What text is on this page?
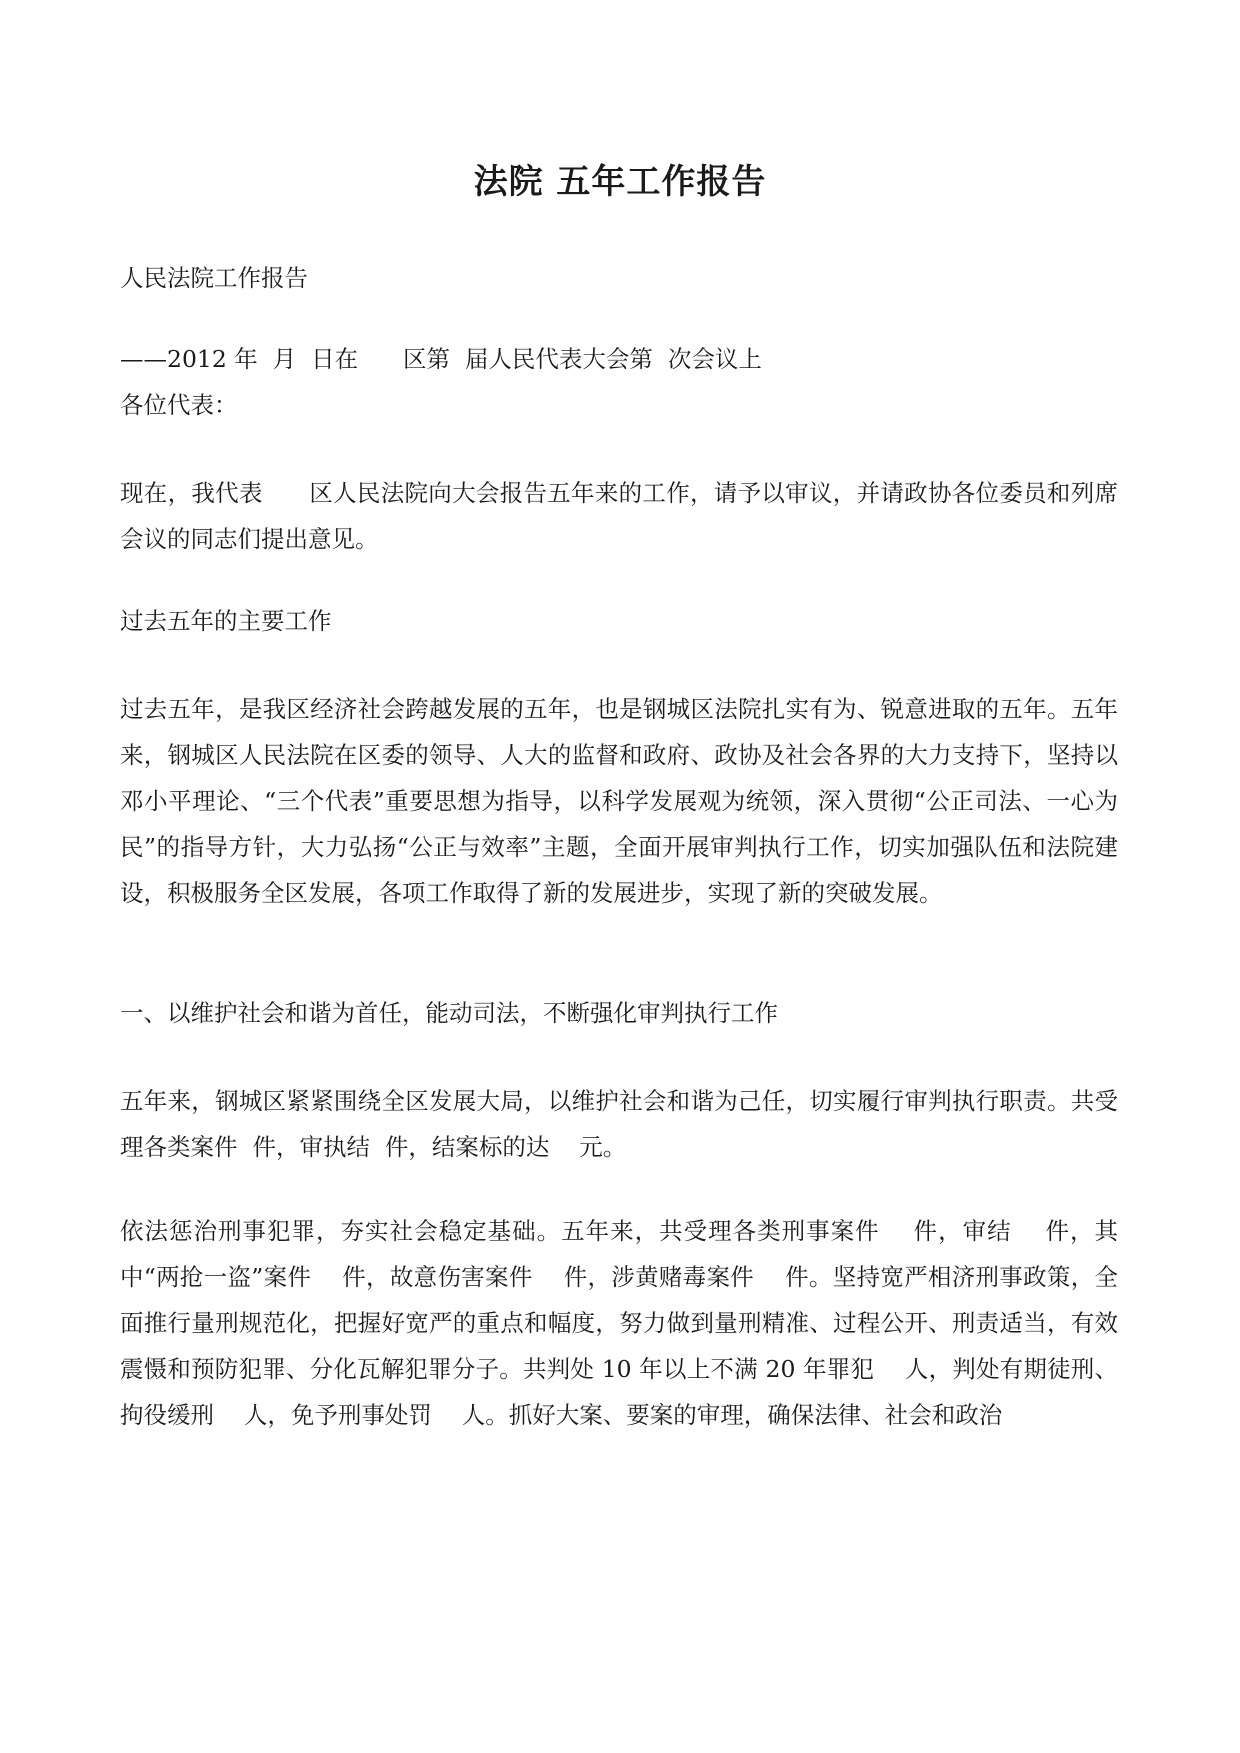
法院 五年工作报告

人民法院工作报告

——2012 年  月  日在      区第  届人民代表大会第  次会议上

各位代表：

现在，我代表      区人民法院向大会报告五年来的工作，请予以审议，并请政协各位委员和列席会议的同志们提出意见。

过去五年的主要工作

过去五年，是我区经济社会跨越发展的五年，也是钢城区法院扎实有为、锐意进取的五年。五年来，钢城区人民法院在区委的领导、人大的监督和政府、政协及社会各界的大力支持下，坚持以邓小平理论、“三个代表”重要思想为指导，以科学发展观为统领，深入贯彻“公正司法、一心为民”的指导方针，大力弘扬“公正与效率”主题，全面开展审判执行工作，切实加强队伍和法院建设，积极服务全区发展，各项工作取得了新的发展进步，实现了新的突破发展。

一、以维护社会和谐为首任，能动司法，不断强化审判执行工作

五年来，钢城区紧紧围绕全区发展大局，以维护社会和谐为己任，切实履行审判执行职责。共受理各类案件  件，审执结  件，结案标的达    元。

依法惩治刑事犯罪，夯实社会稳定基础。五年来，共受理各类刑事案件    件，审结    件，其中“两抢一盗”案件    件，故意伤害案件    件，涉黄赌毒案件    件。坚持宽严相济刑事政策，全面推行量刑规范化，把握好宽严的重点和幅度，努力做到量刑精准、过程公开、刑责适当，有效震慑和预防犯罪、分化瓦解犯罪分子。共判处 10 年以上不满 20 年罪犯    人，判处有期徒刑、拘役缓刑    人，免予刑事处罚    人。抓好大案、要案的审理，确保法律、社会和政治
